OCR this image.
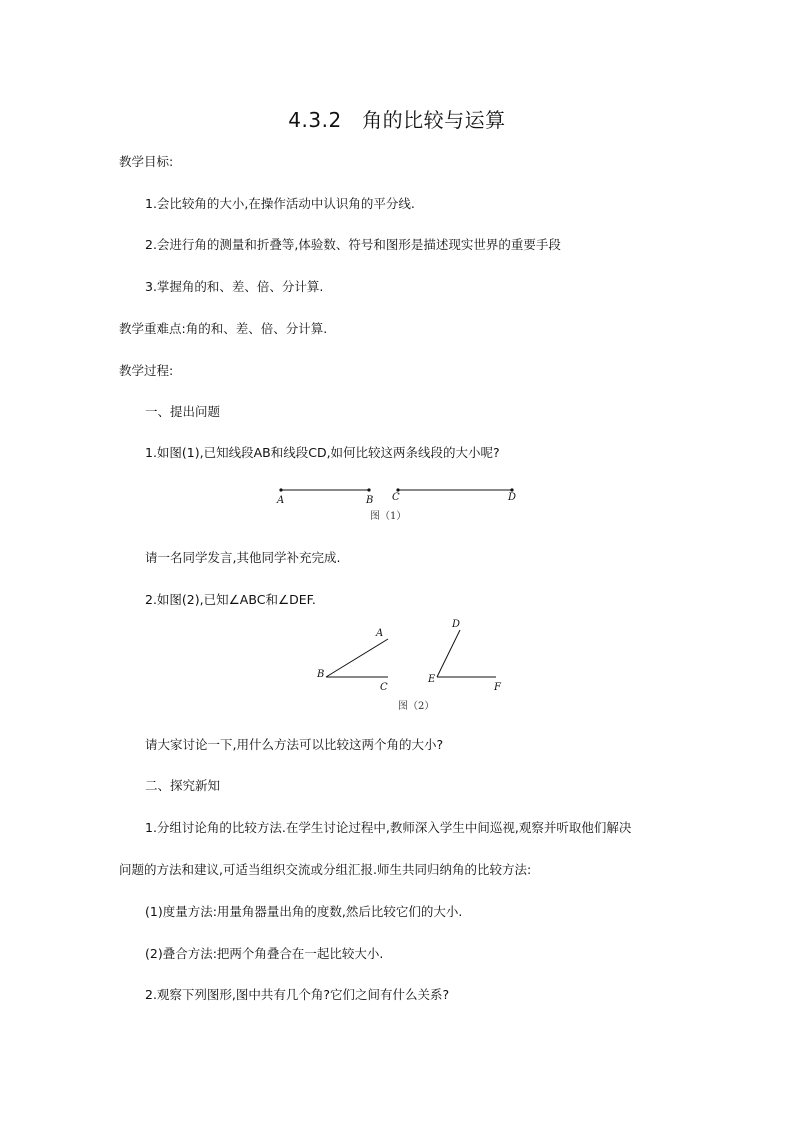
4.3.2　角的比较与运算
教学目标:
1.会比较角的大小,在操作活动中认识角的平分线.
2.会进行角的测量和折叠等,体验数、符号和图形是描述现实世界的重要手段
3.掌握角的和、差、倍、分计算.
教学重难点:角的和、差、倍、分计算.
教学过程:
一、提出问题
1.如图(1),已知线段AB和线段CD,如何比较这两条线段的大小呢?
A	B C	D
图（1）
请一名同学发言,其他同学补充完成.
2.如图(2),已知∠ABC和∠DEF.
A
B
C
D
E
F
图（2）
请大家讨论一下,用什么方法可以比较这两个角的大小?
二、探究新知
1.分组讨论角的比较方法.在学生讨论过程中,教师深入学生中间巡视,观察并听取他们解决
问题的方法和建议,可适当组织交流或分组汇报.师生共同归纳角的比较方法:
(1)度量方法:用量角器量出角的度数,然后比较它们的大小.
(2)叠合方法:把两个角叠合在一起比较大小.
2.观察下列图形,图中共有几个角?它们之间有什么关系?
